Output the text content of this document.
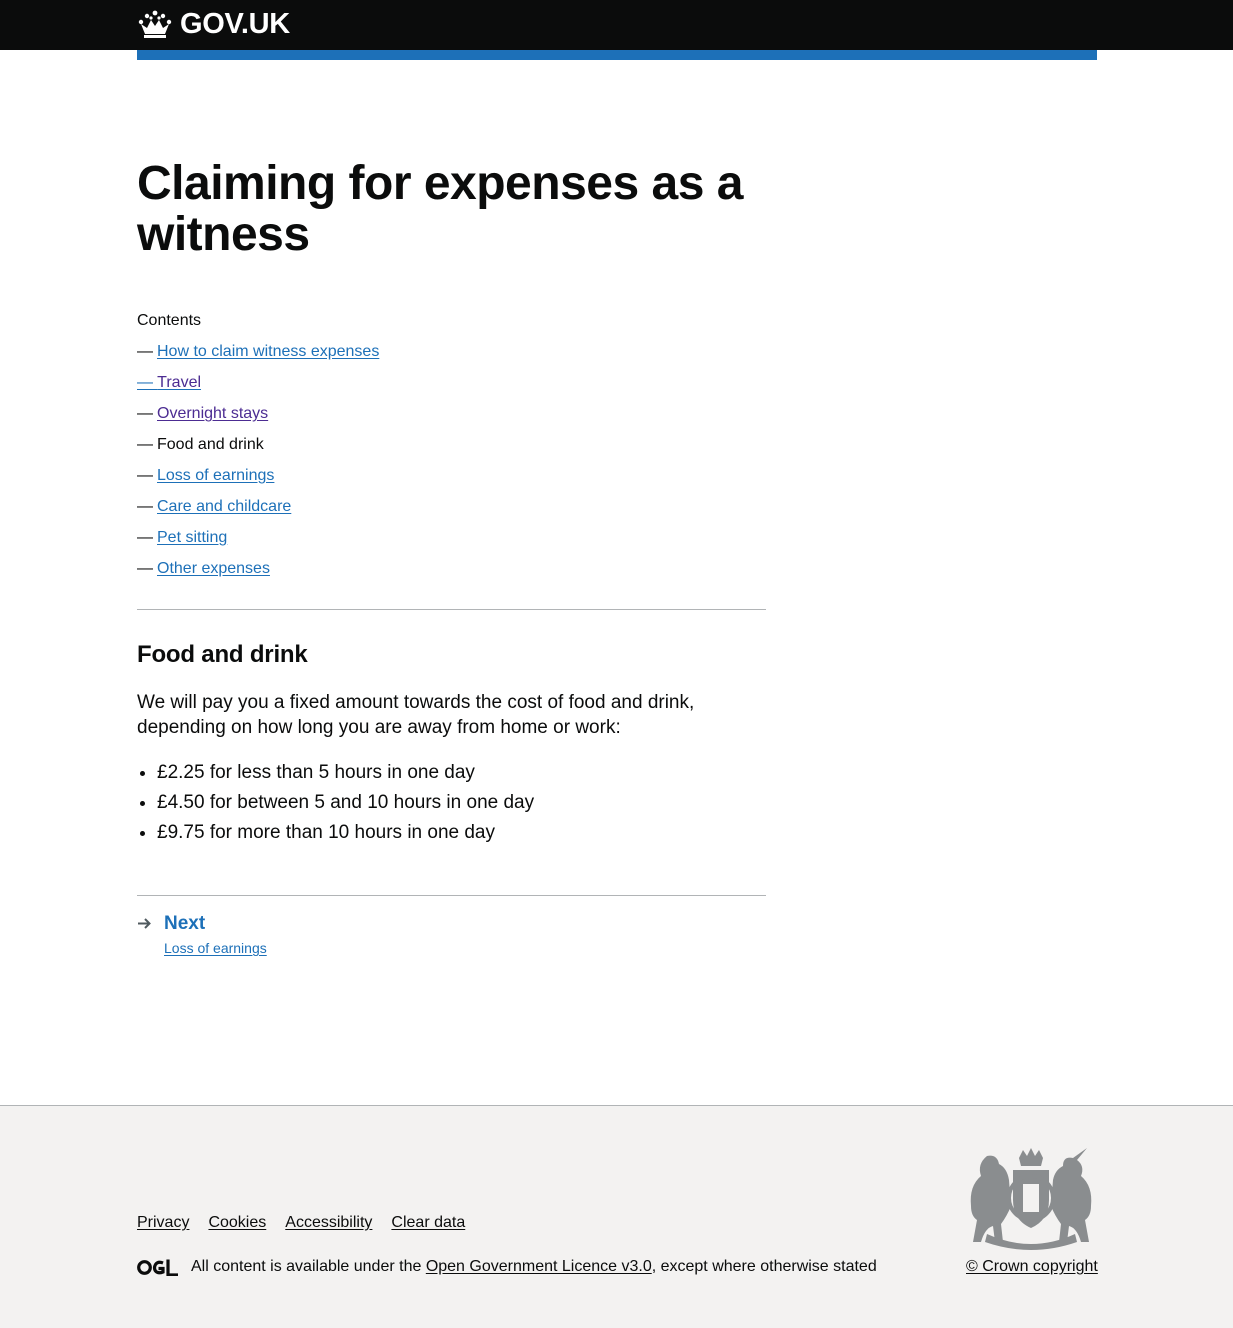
GOV.UK
Claiming for expenses as a witness
Contents
— How to claim witness expenses
— Travel
— Overnight stays
— Food and drink
— Loss of earnings
— Care and childcare
— Pet sitting
— Other expenses
Food and drink

We will pay you a fixed amount towards the cost of food and drink, depending on how long you are away from home or work:

• £2.25 for less than 5 hours in one day
• £4.50 for between 5 and 10 hours in one day
• £9.75 for more than 10 hours in one day
Next
Loss of earnings
Privacy Cookies Accessibility Clear data
All content is available under the Open Government Licence v3.0 , except where otherwise stated	© Crown copyright
